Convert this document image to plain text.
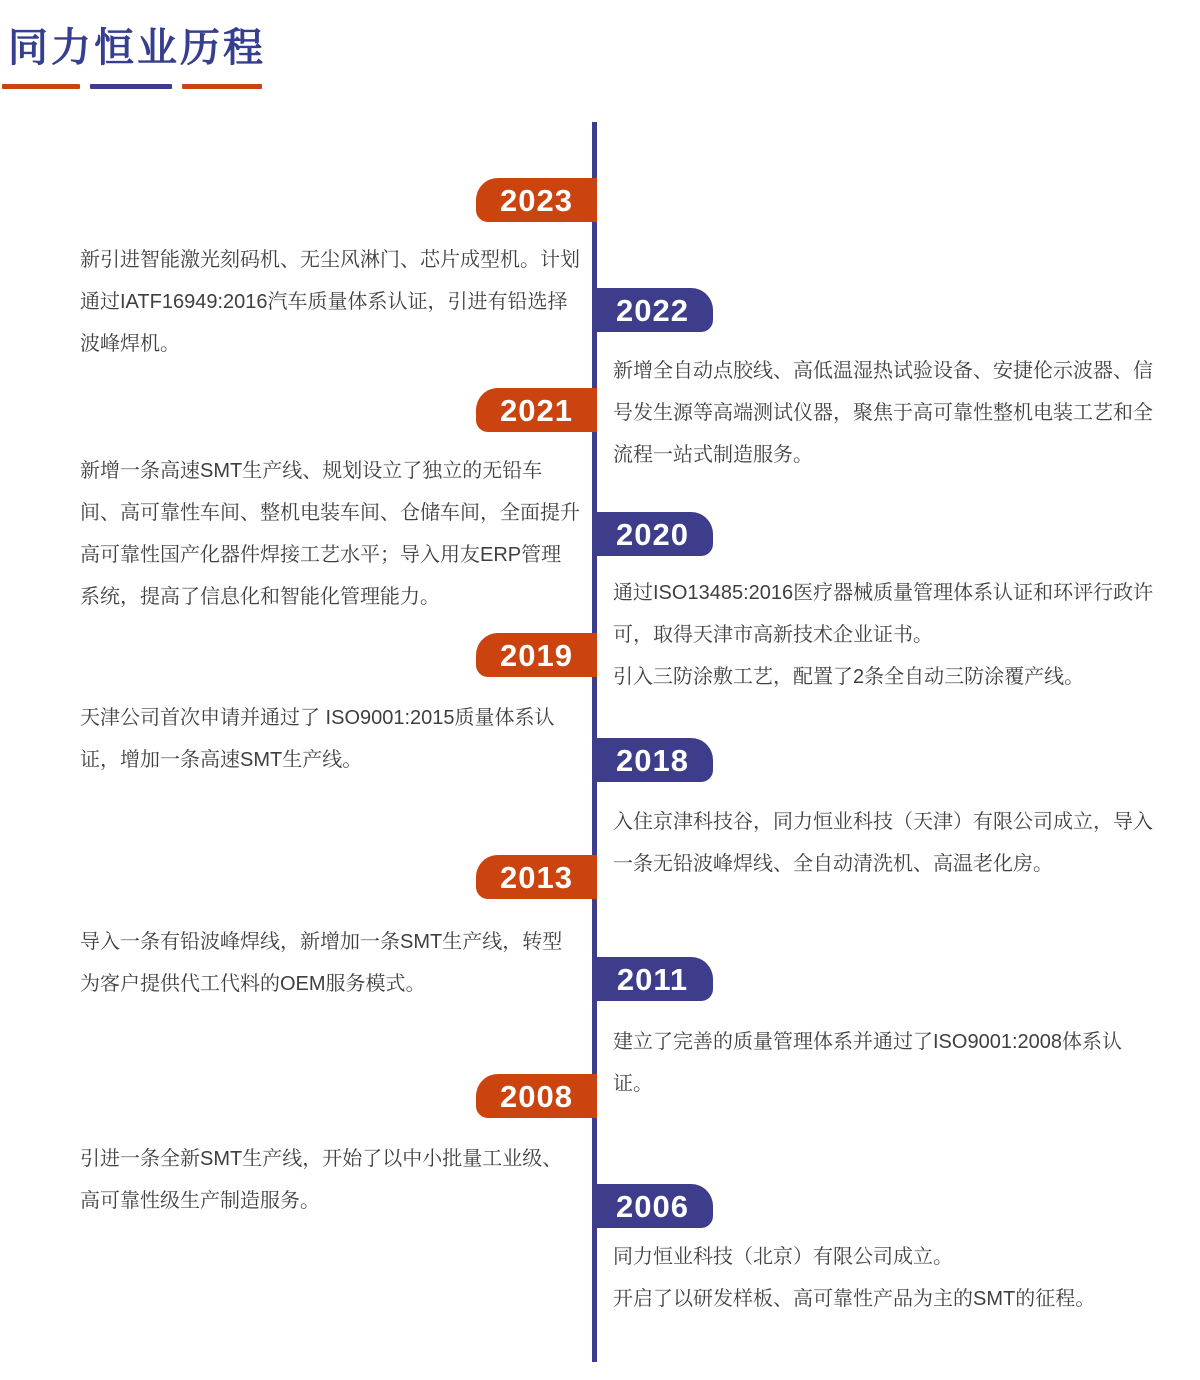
同力恒业历程
2023
新引进智能激光刻码机、无尘风淋门、芯片成型机。计划通过IATF16949:2016汽车质量体系认证，引进有铅选择波峰焊机。
2022
新增全自动点胶线、高低温湿热试验设备、安捷伦示波器、信号发生源等高端测试仪器，聚焦于高可靠性整机电装工艺和全流程一站式制造服务。
2021
新增一条高速SMT生产线、规划设立了独立的无铅车间、高可靠性车间、整机电装车间、仓储车间，全面提升高可靠性国产化器件焊接工艺水平；导入用友ERP管理系统，提高了信息化和智能化管理能力。
2020
通过ISO13485:2016医疗器械质量管理体系认证和环评行政许可，取得天津市高新技术企业证书。
引入三防涂敷工艺，配置了2条全自动三防涂覆产线。
2019
天津公司首次申请并通过了 ISO9001:2015质量体系认证，增加一条高速SMT生产线。	2018
入住京津科技谷，同力恒业科技（天津）有限公司成立，导入一条无铅波峰焊线、全自动清洗机、高温老化房。
2013
导入一条有铅波峰焊线，新增加一条SMT生产线，转型为客户提供代工代料的OEM服务模式。	2011
建立了完善的质量管理体系并通过了ISO9001:2008体系认证。
2008
引进一条全新SMT生产线，开始了以中小批量工业级、高可靠性级生产制造服务。	2006
同力恒业科技（北京）有限公司成立。
开启了以研发样板、高可靠性产品为主的SMT的征程。
